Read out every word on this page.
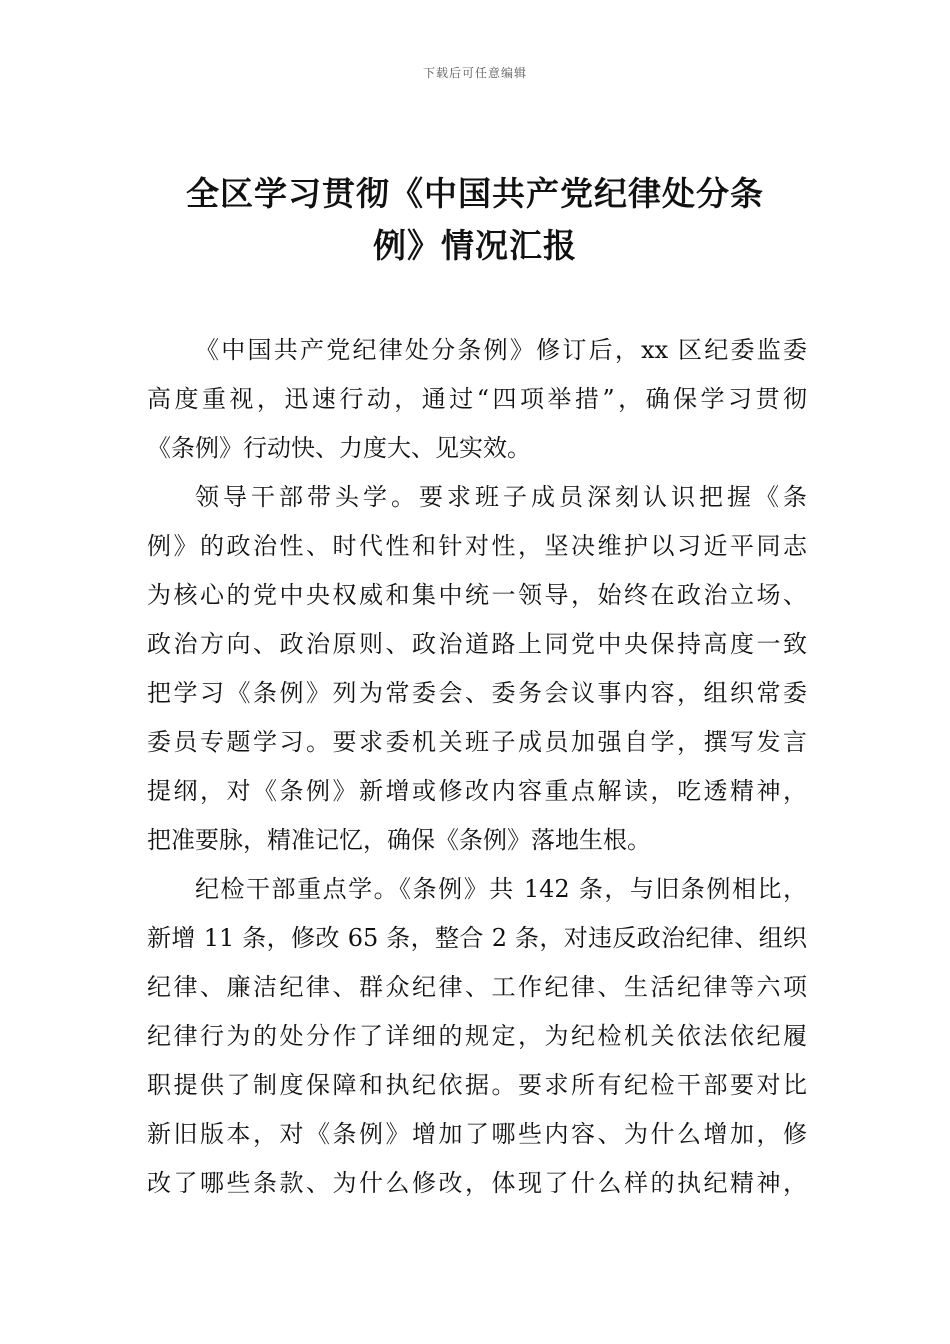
下载后可任意编辑
全区学习贯彻《中国共产党纪律处分条
例》情况汇报
《中国共产党纪律处分条例》修订后，xx 区纪委监委
高度重视，迅速行动，通过“四项举措”，确保学习贯彻
《条例》行动快、力度大、见实效。
领导干部带头学。要求班子成员深刻认识把握《条
例》的政治性、时代性和针对性，坚决维护以习近平同志
为核心的党中央权威和集中统一领导，始终在政治立场、
政治方向、政治原则、政治道路上同党中央保持高度一致
把学习《条例》列为常委会、委务会议事内容，组织常委
委员专题学习。要求委机关班子成员加强自学，撰写发言
提纲，对《条例》新增或修改内容重点解读，吃透精神，
把准要脉，精准记忆，确保《条例》落地生根。
纪检干部重点学。《条例》共 142 条，与旧条例相比，
新增 11 条，修改 65 条，整合 2 条，对违反政治纪律、组织
纪律、廉洁纪律、群众纪律、工作纪律、生活纪律等六项
纪律行为的处分作了详细的规定，为纪检机关依法依纪履
职提供了制度保障和执纪依据。要求所有纪检干部要对比
新旧版本，对《条例》增加了哪些内容、为什么增加，修
改了哪些条款、为什么修改，体现了什么样的执纪精神，
